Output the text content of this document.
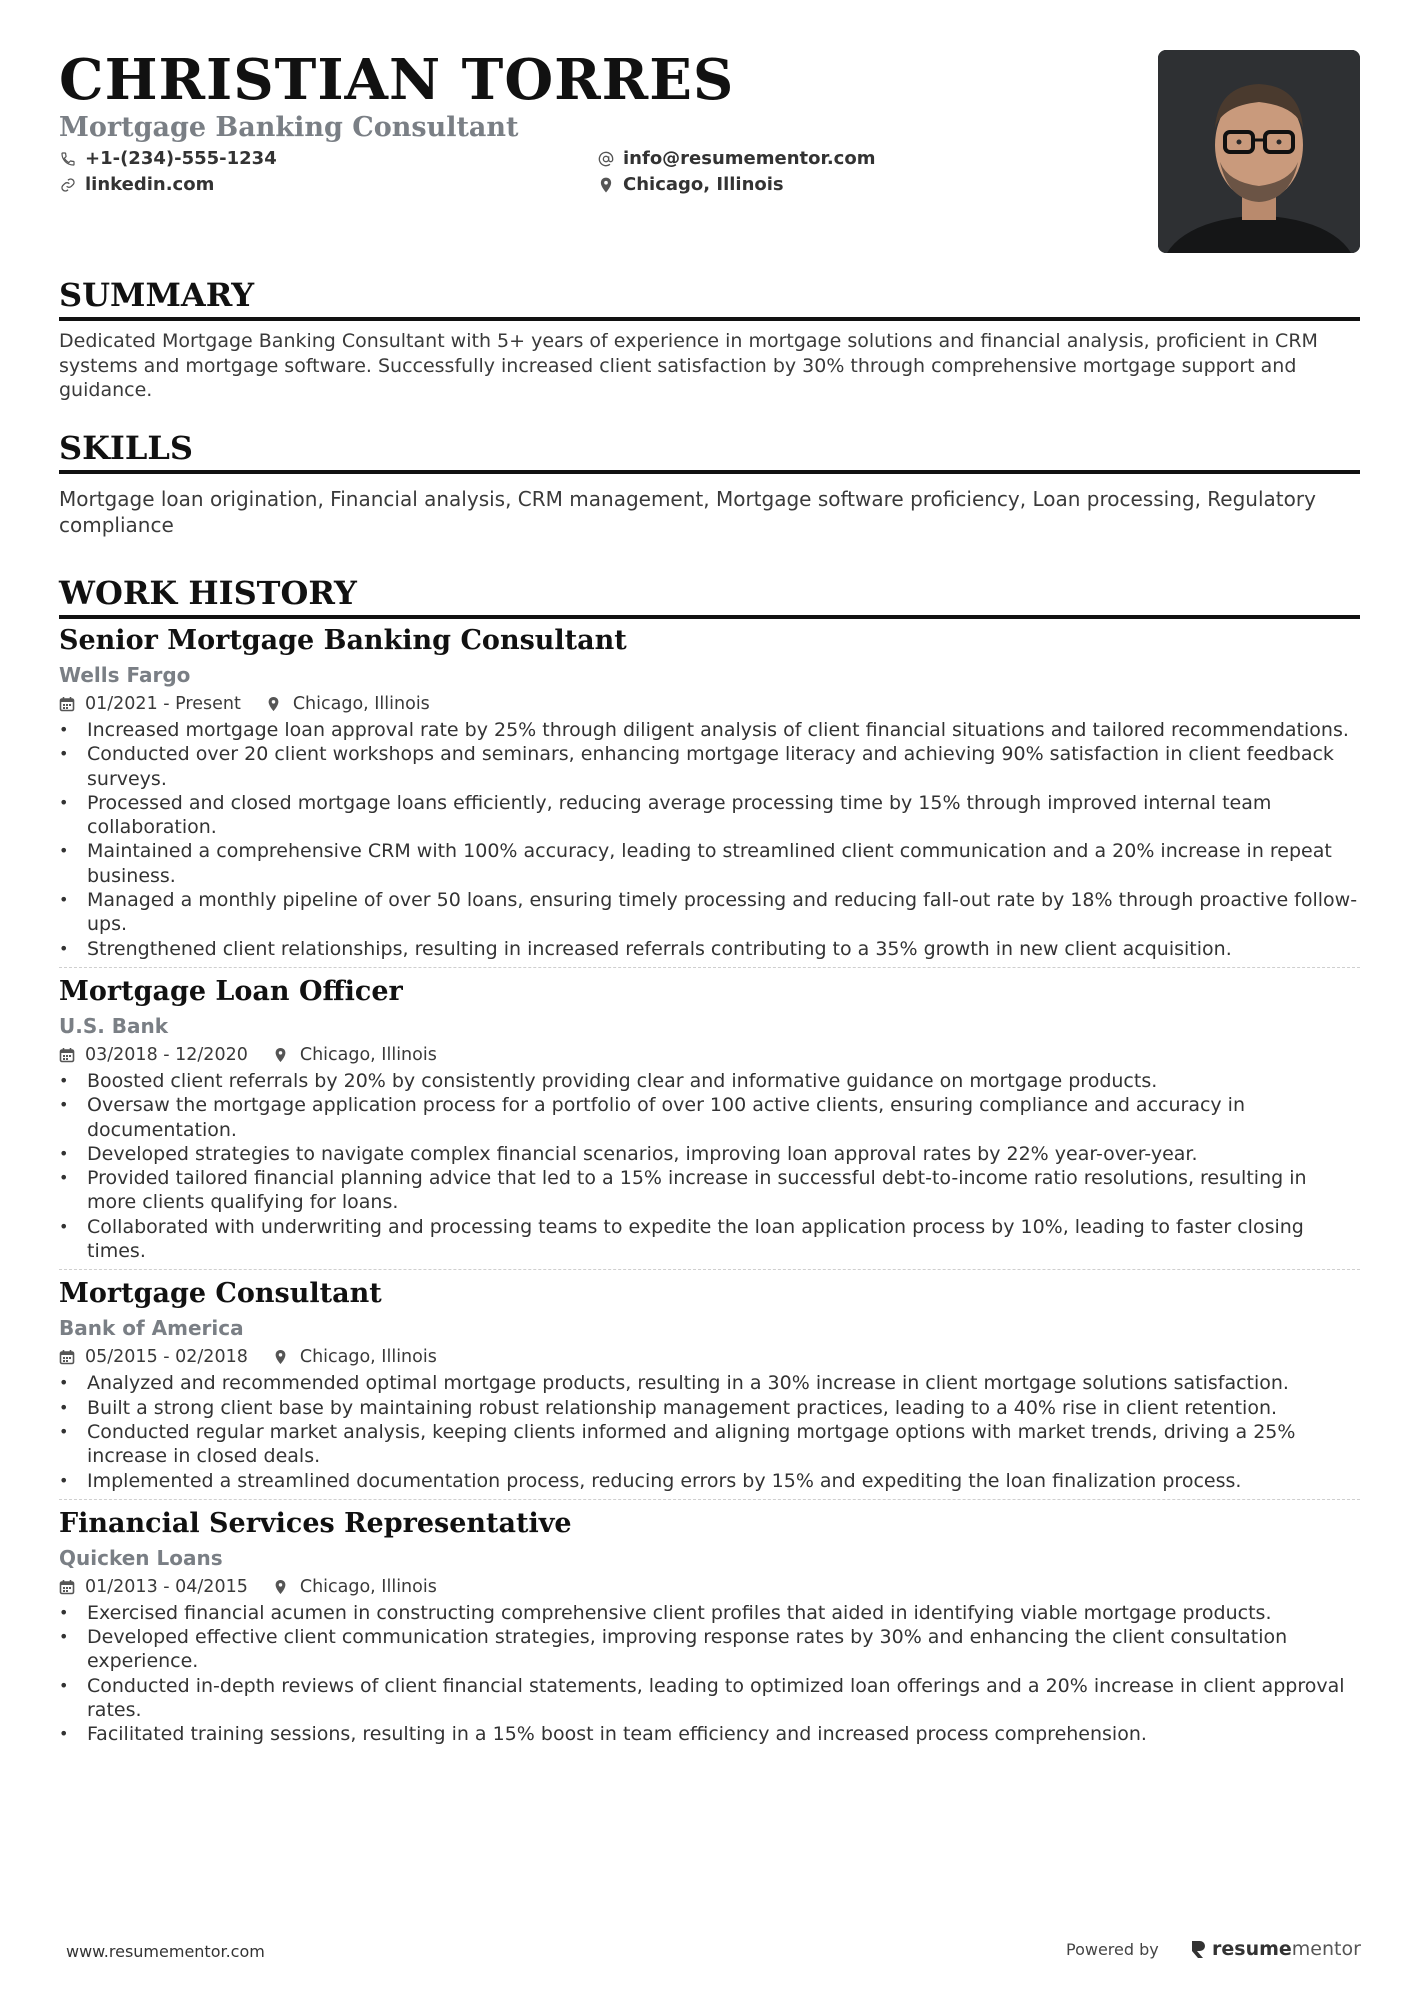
CHRISTIAN TORRES
Mortgage Banking Consultant
+1-(234)-555-1234	info@resumementor.com
linkedin.com	Chicago, Illinois
SUMMARY
Dedicated Mortgage Banking Consultant with 5+ years of experience in mortgage solutions and financial analysis, proficient in CRM systems and mortgage software. Successfully increased client satisfaction by 30% through comprehensive mortgage support and guidance.
SKILLS
Mortgage loan origination, Financial analysis, CRM management, Mortgage software proficiency, Loan processing, Regulatory compliance
WORK HISTORY
Senior Mortgage Banking Consultant
Wells Fargo
01/2021 - Present	Chicago, Illinois
• Increased mortgage loan approval rate by 25% through diligent analysis of client financial situations and tailored recommendations.
• Conducted over 20 client workshops and seminars, enhancing mortgage literacy and achieving 90% satisfaction in client feedback surveys.
• Processed and closed mortgage loans efficiently, reducing average processing time by 15% through improved internal team collaboration.
• Maintained a comprehensive CRM with 100% accuracy, leading to streamlined client communication and a 20% increase in repeat business.
• Managed a monthly pipeline of over 50 loans, ensuring timely processing and reducing fall-out rate by 18% through proactive follow-ups.
• Strengthened client relationships, resulting in increased referrals contributing to a 35% growth in new client acquisition.
Mortgage Loan Officer
U.S. Bank
03/2018 - 12/2020	Chicago, Illinois
• Boosted client referrals by 20% by consistently providing clear and informative guidance on mortgage products.
• Oversaw the mortgage application process for a portfolio of over 100 active clients, ensuring compliance and accuracy in documentation.
• Developed strategies to navigate complex financial scenarios, improving loan approval rates by 22% year-over-year.
• Provided tailored financial planning advice that led to a 15% increase in successful debt-to-income ratio resolutions, resulting in more clients qualifying for loans.
• Collaborated with underwriting and processing teams to expedite the loan application process by 10%, leading to faster closing times.
Mortgage Consultant
Bank of America
05/2015 - 02/2018	Chicago, Illinois
• Analyzed and recommended optimal mortgage products, resulting in a 30% increase in client mortgage solutions satisfaction.
• Built a strong client base by maintaining robust relationship management practices, leading to a 40% rise in client retention.
• Conducted regular market analysis, keeping clients informed and aligning mortgage options with market trends, driving a 25% increase in closed deals.
• Implemented a streamlined documentation process, reducing errors by 15% and expediting the loan finalization process.
Financial Services Representative
Quicken Loans
01/2013 - 04/2015	Chicago, Illinois
• Exercised financial acumen in constructing comprehensive client profiles that aided in identifying viable mortgage products.
• Developed effective client communication strategies, improving response rates by 30% and enhancing the client consultation experience.
• Conducted in-depth reviews of client financial statements, leading to optimized loan offerings and a 20% increase in client approval rates.
• Facilitated training sessions, resulting in a 15% boost in team efficiency and increased process comprehension.
www.resumementor.com	Powered by	resume mentor
